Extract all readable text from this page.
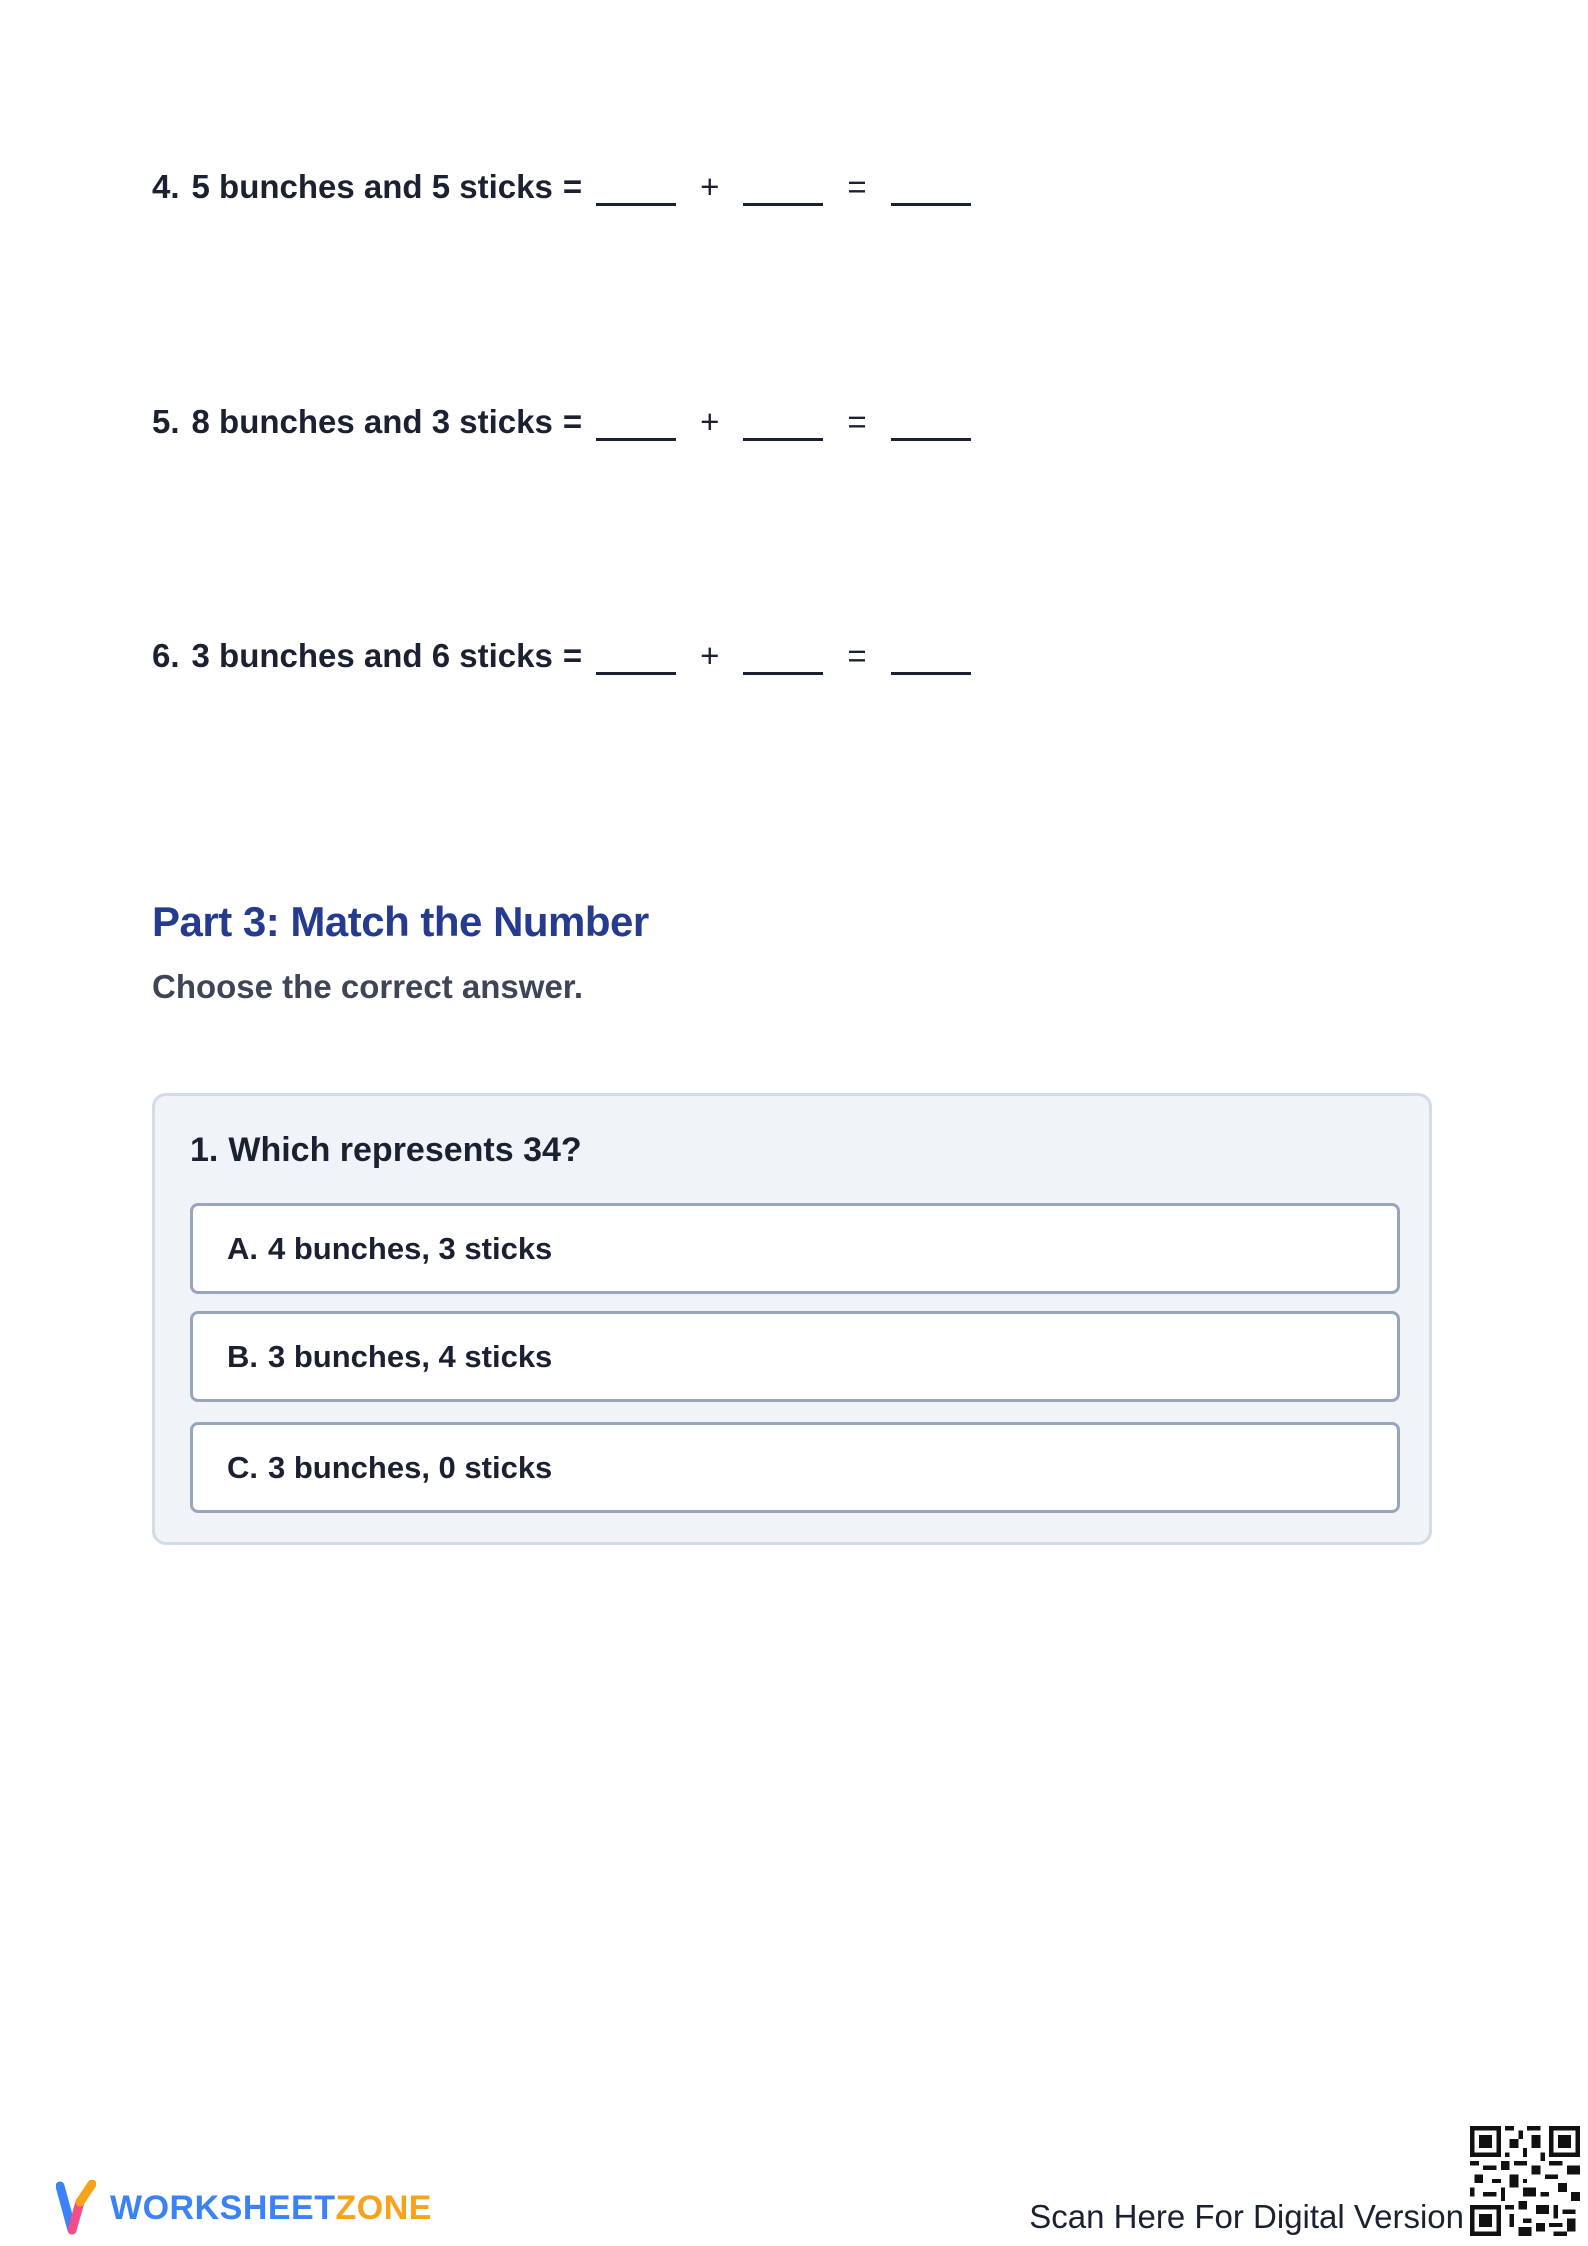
4. 5 bunches and 5 sticks =	+	=
5. 8 bunches and 3 sticks =	+	=
6. 3 bunches and 6 sticks =	+	=
Part 3: Match the Number
Choose the correct answer.
1. Which represents 34?
A. 4 bunches, 3 sticks
B. 3 bunches, 4 sticks
C. 3 bunches, 0 sticks
WORKSHEETZONE	Scan Here For Digital Version
